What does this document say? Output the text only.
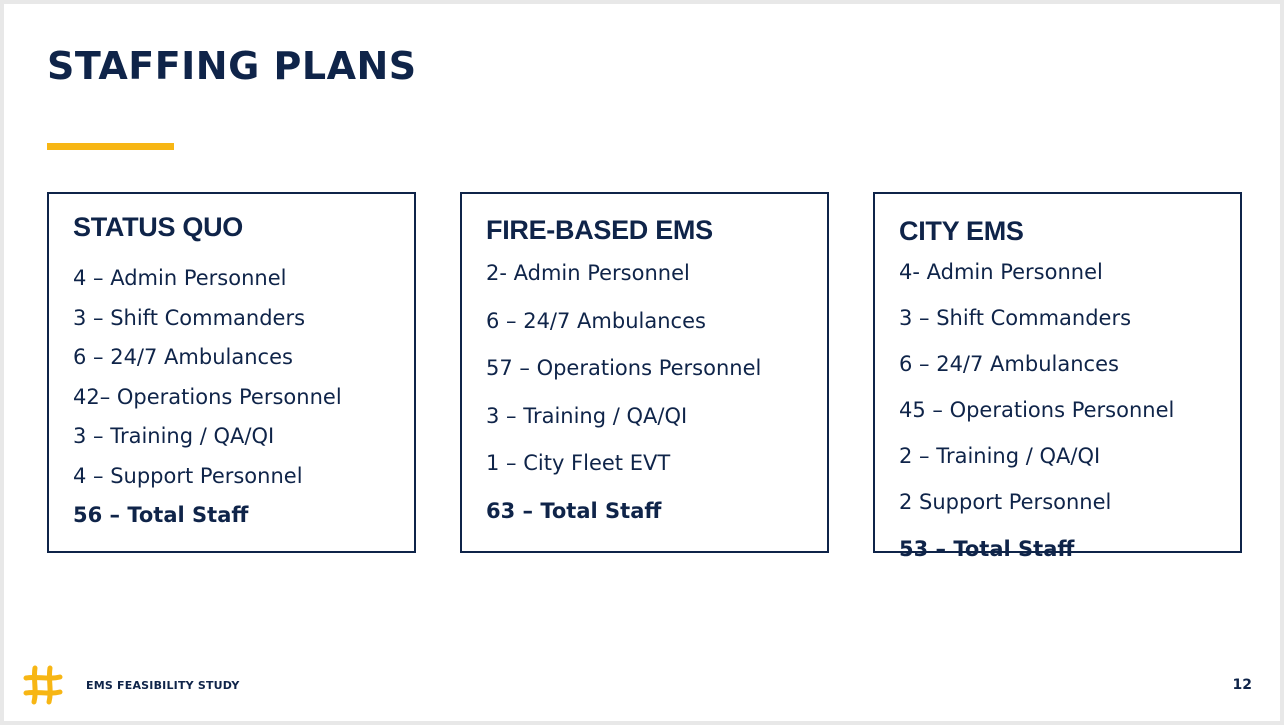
STAFFING PLANS
STATUS QUO
4 – Admin Personnel
3 – Shift Commanders
6 – 24/7 Ambulances
42– Operations Personnel
3 – Training / QA/QI
4 – Support Personnel
56 – Total Staff
FIRE-BASED EMS
2- Admin Personnel
6 – 24/7 Ambulances
57 – Operations Personnel
3 – Training / QA/QI
1 – City Fleet EVT
63 – Total Staff
CITY EMS
4- Admin Personnel
3 – Shift Commanders
6 – 24/7 Ambulances
45 – Operations Personnel
2 – Training / QA/QI
2 Support Personnel
53 – Total Staff
EMS FEASIBILITY STUDY	12
